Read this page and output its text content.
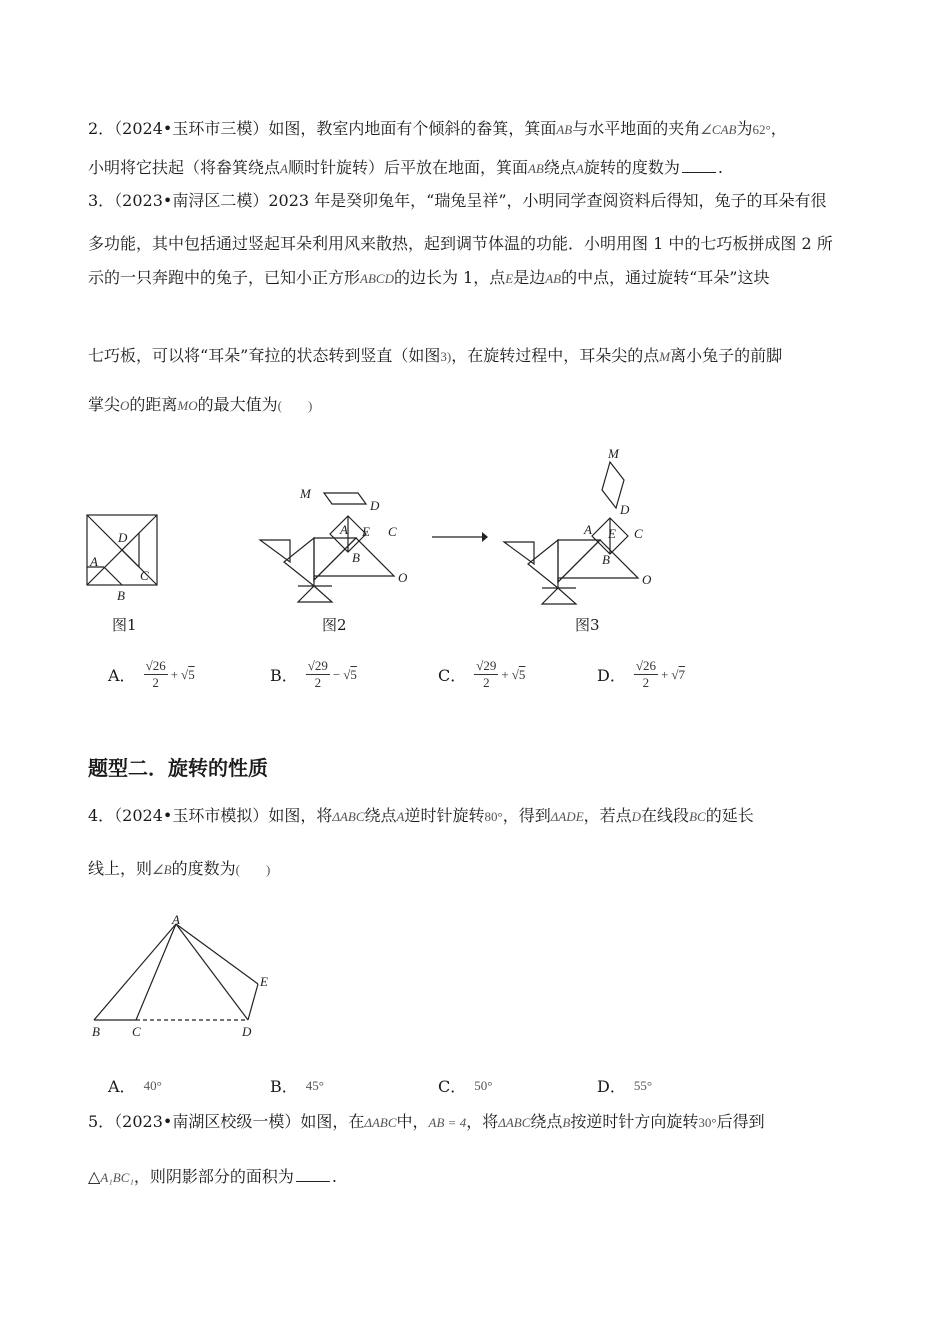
2．（2024•玉环市三模）如图，教室内地面有个倾斜的畚箕，箕面AB与水平地面的夹角∠CAB为62°，
小明将它扶起（将畚箕绕点A顺时针旋转）后平放在地面，箕面AB绕点A旋转的度数为 .
3．（2023•南浔区二模）2023 年是癸卯兔年，“瑞兔呈祥”，小明同学查阅资料后得知，兔子的耳朵有很
多功能，其中包括通过竖起耳朵利用风来散热，起到调节体温的功能．小明用图 1 中的七巧板拼成图 2 所
示的一只奔跑中的兔子，已知小正方形ABCD的边长为 1，点E是边AB的中点，通过旋转“耳朵”这块
七巧板，可以将“耳朵”耷拉的状态转到竖直（如图3)，在旋转过程中，耳朵尖的点M离小兔子的前脚
掌尖O的距离MO的最大值为(　　)
D
A
C
B
图1
M
D
A E C
B
O
图2
M
D
A E C
B
O
图3
A． $\frac{√26}{2} + √5$	B． $\frac{√29}{2} - √5$	C． $\frac{√29}{2} + √5$	D． $\frac{√26}{2} + √7$
题型二．旋转的性质
4．（2024•玉环市模拟）如图，将ΔABC绕点A逆时针旋转80°，得到ΔADE，若点D在线段BC的延长
线上，则∠B的度数为(　　)
A
E
B C	D
A． 40°	B． 45°	C． 50°	D． 55°
5．（2023•南湖区校级一模）如图，在ΔABC中，AB = 4，将ΔABC绕点B按逆时针方向旋转30°后得到
△A₁BC₁，则阴影部分的面积为 .
